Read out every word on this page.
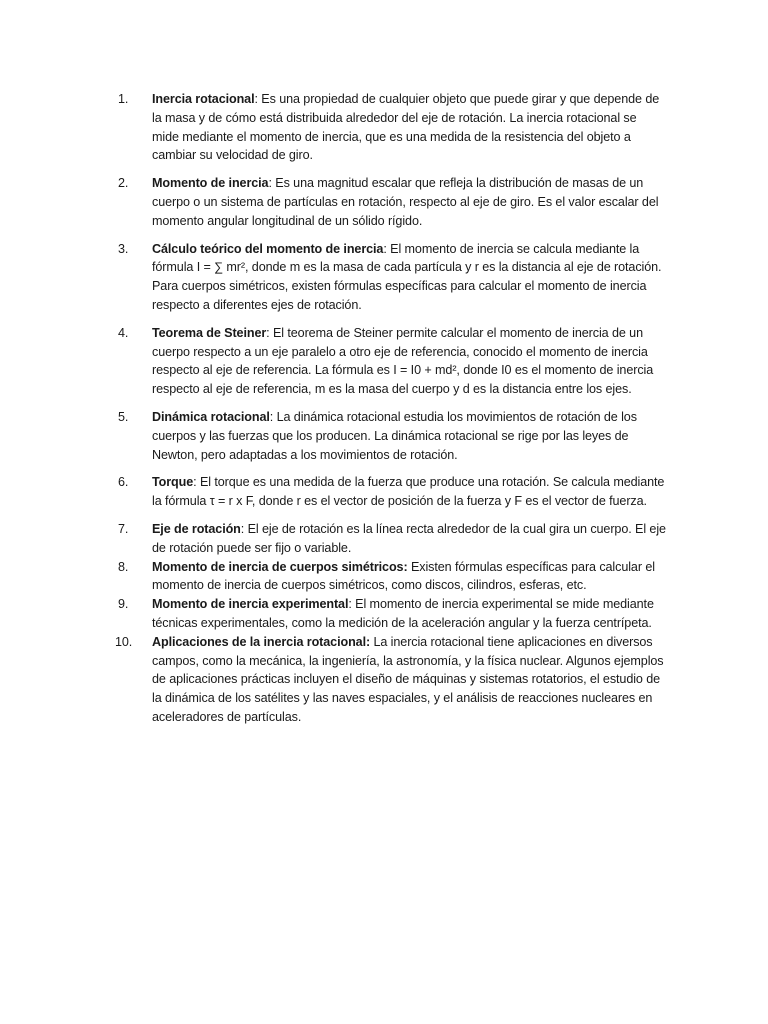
1.	Inercia rotacional: Es una propiedad de cualquier objeto que puede girar y que depende de la masa y de cómo está distribuida alrededor del eje de rotación. La inercia rotacional se mide mediante el momento de inercia, que es una medida de la resistencia del objeto a cambiar su velocidad de giro.
2.	Momento de inercia: Es una magnitud escalar que refleja la distribución de masas de un cuerpo o un sistema de partículas en rotación, respecto al eje de giro. Es el valor escalar del momento angular longitudinal de un sólido rígido.
3.	Cálculo teórico del momento de inercia: El momento de inercia se calcula mediante la fórmula I = ∑ mr², donde m es la masa de cada partícula y r es la distancia al eje de rotación. Para cuerpos simétricos, existen fórmulas específicas para calcular el momento de inercia respecto a diferentes ejes de rotación.
4.	Teorema de Steiner: El teorema de Steiner permite calcular el momento de inercia de un cuerpo respecto a un eje paralelo a otro eje de referencia, conocido el momento de inercia respecto al eje de referencia. La fórmula es I = I0 + md², donde I0 es el momento de inercia respecto al eje de referencia, m es la masa del cuerpo y d es la distancia entre los ejes.
5.	Dinámica rotacional: La dinámica rotacional estudia los movimientos de rotación de los cuerpos y las fuerzas que los producen. La dinámica rotacional se rige por las leyes de Newton, pero adaptadas a los movimientos de rotación.
6.	Torque: El torque es una medida de la fuerza que produce una rotación. Se calcula mediante la fórmula τ = r x F, donde r es el vector de posición de la fuerza y F es el vector de fuerza.
7.	Eje de rotación: El eje de rotación es la línea recta alrededor de la cual gira un cuerpo. El eje de rotación puede ser fijo o variable.
8.	Momento de inercia de cuerpos simétricos: Existen fórmulas específicas para calcular el momento de inercia de cuerpos simétricos, como discos, cilindros, esferas, etc.
9.	Momento de inercia experimental: El momento de inercia experimental se mide mediante técnicas experimentales, como la medición de la aceleración angular y la fuerza centrípeta.
10.	Aplicaciones de la inercia rotacional: La inercia rotacional tiene aplicaciones en diversos campos, como la mecánica, la ingeniería, la astronomía, y la física nuclear. Algunos ejemplos de aplicaciones prácticas incluyen el diseño de máquinas y sistemas rotatorios, el estudio de la dinámica de los satélites y las naves espaciales, y el análisis de reacciones nucleares en aceleradores de partículas.
